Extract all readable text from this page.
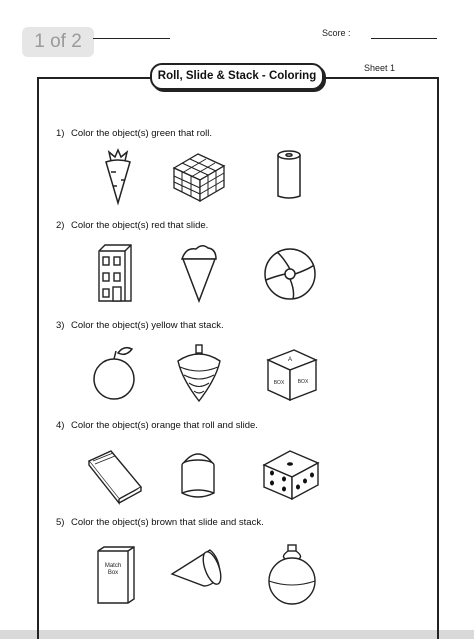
1 of 2	Score :
Sheet 1
Roll, Slide & Stack - Coloring
1) Color the object(s) green that roll.
2) Color the object(s) red that slide.
3) Color the object(s) yellow that stack.
A
BOX	BOX
4) Color the object(s) orange that roll and slide.
5) Color the object(s) brown that slide and stack.
Match Box
